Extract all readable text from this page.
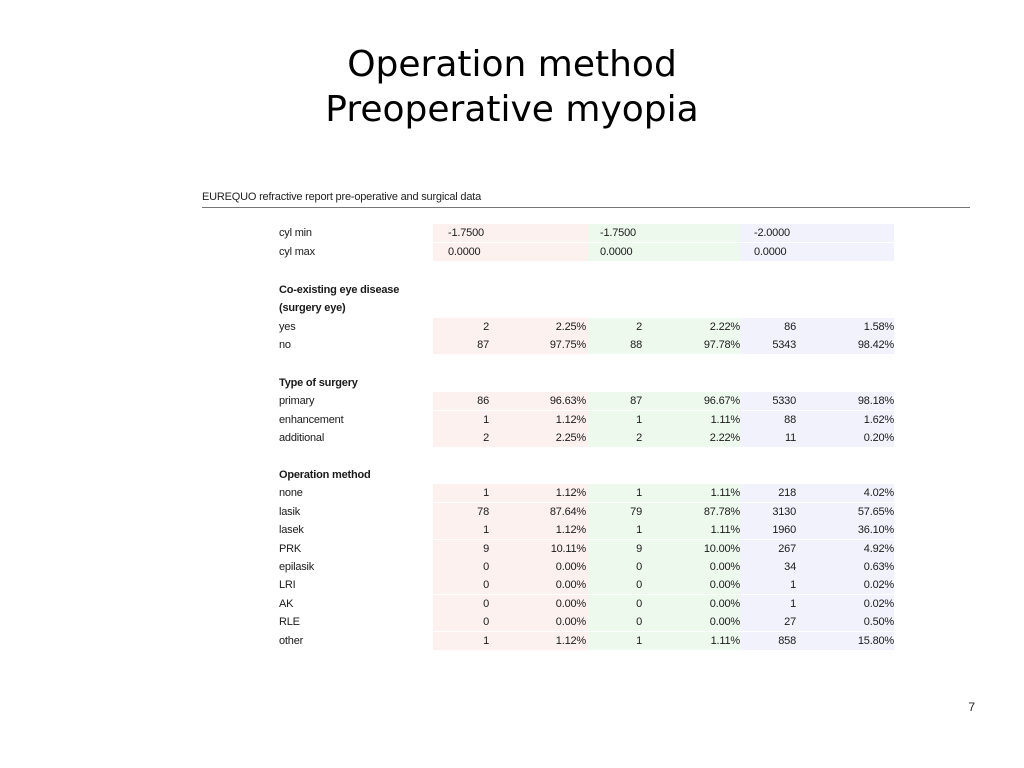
Operation method
Preoperative myopia
EUREQUO refractive report pre-operative and surgical data
cyl min	-1.7500	-1.7500	-2.0000
cyl max	0.0000	0.0000	0.0000
Co-existing eye disease
(surgery eye)
yes	2	2.25%	2	2.22%	86	1.58%
no	87	97.75%	88	97.78%	5343	98.42%
Type of surgery
primary	86	96.63%	87	96.67%	5330	98.18%
enhancement	1	1.12%	1	1.11%	88	1.62%
additional	2	2.25%	2	2.22%	11	0.20%
Operation method
none	1	1.12%	1	1.11%	218	4.02%
lasik	78	87.64%	79	87.78%	3130	57.65%
lasek	1	1.12%	1	1.11%	1960	36.10%
PRK	9	10.11%	9	10.00%	267	4.92%
epilasik	0	0.00%	0	0.00%	34	0.63%
LRI	0	0.00%	0	0.00%	1	0.02%
AK	0	0.00%	0	0.00%	1	0.02%
RLE	0	0.00%	0	0.00%	27	0.50%
other	1	1.12%	1	1.11%	858	15.80%
7
